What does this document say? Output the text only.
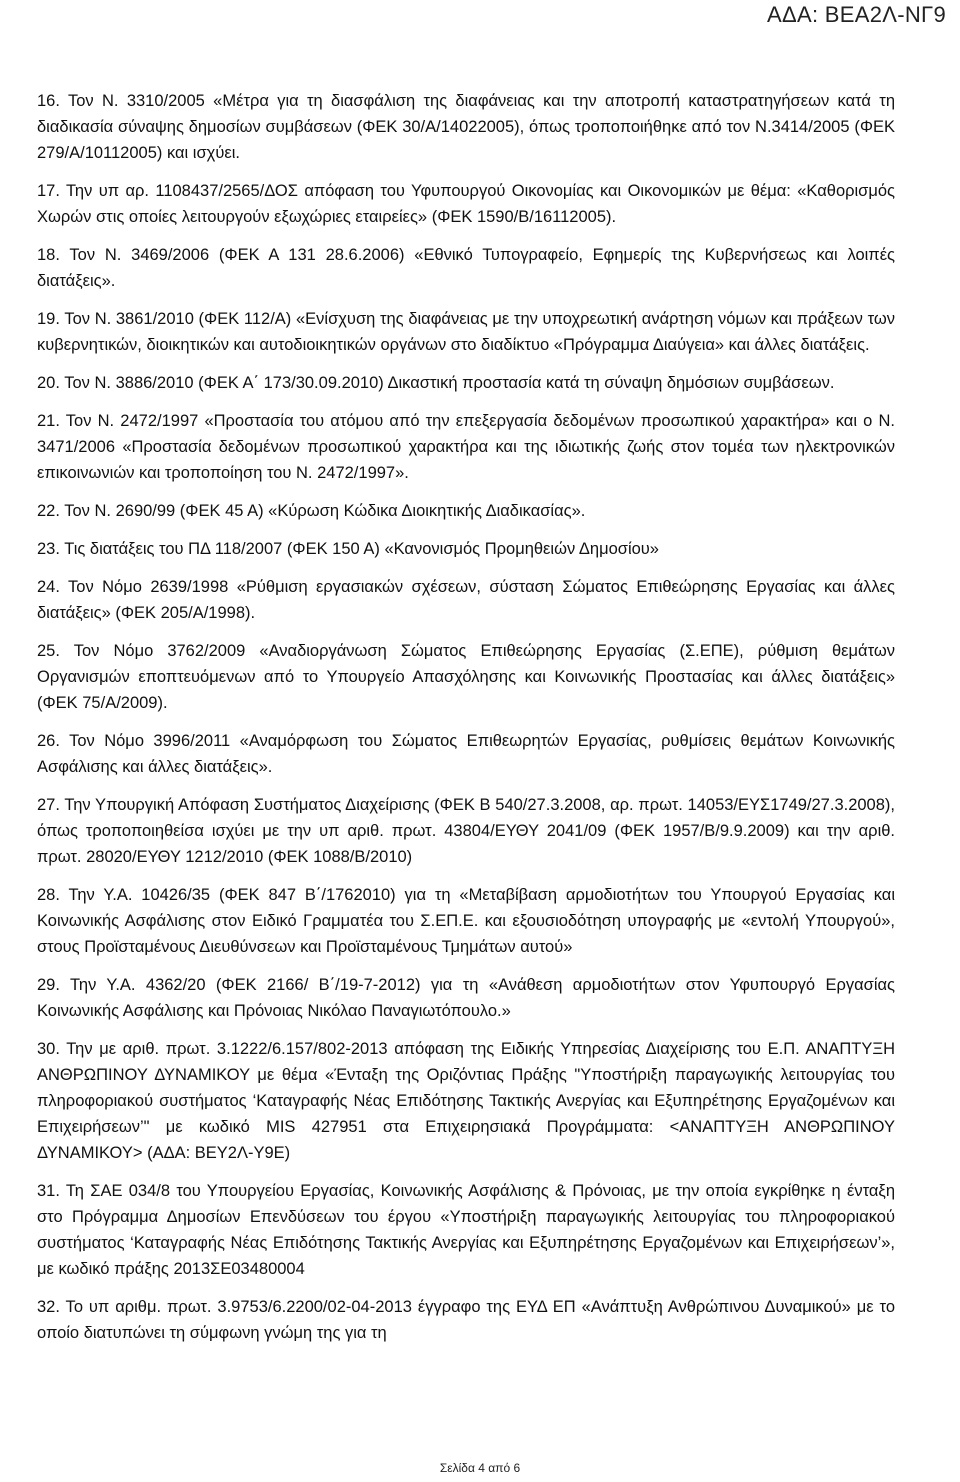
ΑΔΑ: ΒΕΑ2Λ-ΝΓ9

16. Τον Ν. 3310/2005 «Μέτρα για τη διασφάλιση της διαφάνειας και την αποτροπή καταστρατηγήσεων κατά τη διαδικασία σύναψης δημοσίων συμβάσεων (ΦΕΚ 30/Α/14022005), όπως τροποποιήθηκε από τον Ν.3414/2005 (ΦΕΚ 279/Α/10112005) και ισχύει.

17. Την υπ αρ. 1108437/2565/ΔΟΣ απόφαση του Υφυπουργού Οικονομίας και Οικονομικών με θέμα: «Καθορισμός Χωρών στις οποίες λειτουργούν εξωχώριες εταιρείες» (ΦΕΚ 1590/Β/16112005).

18. Τον Ν. 3469/2006 (ΦΕΚ Α 131 28.6.2006) «Εθνικό Τυπογραφείο, Εφημερίς της Κυβερνήσεως και λοιπές διατάξεις».

19. Τον Ν. 3861/2010 (ΦΕΚ 112/Α) «Ενίσχυση της διαφάνειας με την υποχρεωτική ανάρτηση νόμων και πράξεων των κυβερνητικών, διοικητικών και αυτοδιοικητικών οργάνων στο διαδίκτυο «Πρόγραμμα Διαύγεια» και άλλες διατάξεις.

20. Τον Ν. 3886/2010 (ΦΕΚ Α΄ 173/30.09.2010) Δικαστική προστασία κατά τη σύναψη δημόσιων συμβάσεων.

21. Τον Ν. 2472/1997 «Προστασία του ατόμου από την επεξεργασία δεδομένων προσωπικού χαρακτήρα» και ο Ν. 3471/2006 «Προστασία δεδομένων προσωπικού χαρακτήρα και της ιδιωτικής ζωής στον τομέα των ηλεκτρονικών επικοινωνιών και τροποποίηση του Ν. 2472/1997».

22. Τον Ν. 2690/99 (ΦΕΚ 45 Α) «Κύρωση Κώδικα Διοικητικής Διαδικασίας».

23. Τις διατάξεις του ΠΔ 118/2007 (ΦΕΚ 150 Α) «Κανονισμός Προμηθειών Δημοσίου»

24. Τον Νόμο 2639/1998 «Ρύθμιση εργασιακών σχέσεων, σύσταση Σώματος Επιθεώρησης Εργασίας και άλλες διατάξεις» (ΦΕΚ 205/Α/1998).

25. Τον Νόμο 3762/2009 «Αναδιοργάνωση Σώματος Επιθεώρησης Εργασίας (Σ.ΕΠΕ), ρύθμιση θεμάτων Οργανισμών εποπτευόμενων από το Υπουργείο Απασχόλησης και Κοινωνικής Προστασίας και άλλες διατάξεις» (ΦΕΚ 75/Α/2009).

26. Τον Νόμο 3996/2011 «Αναμόρφωση του Σώματος Επιθεωρητών Εργασίας, ρυθμίσεις θεμάτων Κοινωνικής Ασφάλισης και άλλες διατάξεις».

27. Την Υπουργική Απόφαση Συστήματος Διαχείρισης (ΦΕΚ Β 540/27.3.2008, αρ. πρωτ. 14053/ΕΥΣ1749/27.3.2008), όπως τροποποιηθείσα ισχύει με την υπ αριθ. πρωτ. 43804/ΕΥΘΥ 2041/09 (ΦΕΚ 1957/Β/9.9.2009) και την αριθ. πρωτ. 28020/ΕΥΘΥ 1212/2010 (ΦΕΚ 1088/Β/2010)

28. Την Υ.Α. 10426/35 (ΦΕΚ 847 Β΄/1762010) για τη «Μεταβίβαση αρμοδιοτήτων του Υπουργού Εργασίας και Κοινωνικής Ασφάλισης στον Ειδικό Γραμματέα του Σ.ΕΠ.Ε. και εξουσιοδότηση υπογραφής με «εντολή Υπουργού», στους Προϊσταμένους Διευθύνσεων και Προϊσταμένους Τμημάτων αυτού»

29. Την Υ.Α. 4362/20 (ΦΕΚ 2166/ Β΄/19-7-2012) για τη «Ανάθεση αρμοδιοτήτων στον Υφυπουργό Εργασίας Κοινωνικής Ασφάλισης και Πρόνοιας Νικόλαο Παναγιωτόπουλο.»

30. Την με αριθ. πρωτ. 3.1222/6.157/802-2013 απόφαση της Ειδικής Υπηρεσίας Διαχείρισης του Ε.Π. ΑΝΑΠΤΥΞΗ ΑΝΘΡΩΠΙΝΟΥ ΔΥΝΑΜΙΚΟΥ με θέμα «Ένταξη της Οριζόντιας Πράξης "Υποστήριξη παραγωγικής λειτουργίας του πληροφοριακού συστήματος ‘Καταγραφής Νέας Επιδότησης Τακτικής Ανεργίας και Εξυπηρέτησης Εργαζομένων και Επιχειρήσεων’" με κωδικό MIS 427951 στα Επιχειρησιακά Προγράμματα: <ΑΝΑΠΤΥΞΗ ΑΝΘΡΩΠΙΝΟΥ ΔΥΝΑΜΙΚΟΥ> (ΑΔΑ: ΒΕΥ2Λ-Υ9Ε)

31. Τη ΣΑΕ 034/8 του Υπουργείου Εργασίας, Κοινωνικής Ασφάλισης & Πρόνοιας, με την οποία εγκρίθηκε η ένταξη στο Πρόγραμμα Δημοσίων Επενδύσεων του έργου «Υποστήριξη παραγωγικής λειτουργίας του πληροφοριακού συστήματος ‘Καταγραφής Νέας Επιδότησης Τακτικής Ανεργίας και Εξυπηρέτησης Εργαζομένων και Επιχειρήσεων’», με κωδικό πράξης 2013ΣΕ03480004

32. Το υπ αριθμ. πρωτ. 3.9753/6.2200/02-04-2013 έγγραφο της ΕΥΔ ΕΠ «Ανάπτυξη Ανθρώπινου Δυναμικού» με το οποίο διατυπώνει τη σύμφωνη γνώμη της για τη

Σελίδα 4 από 6
